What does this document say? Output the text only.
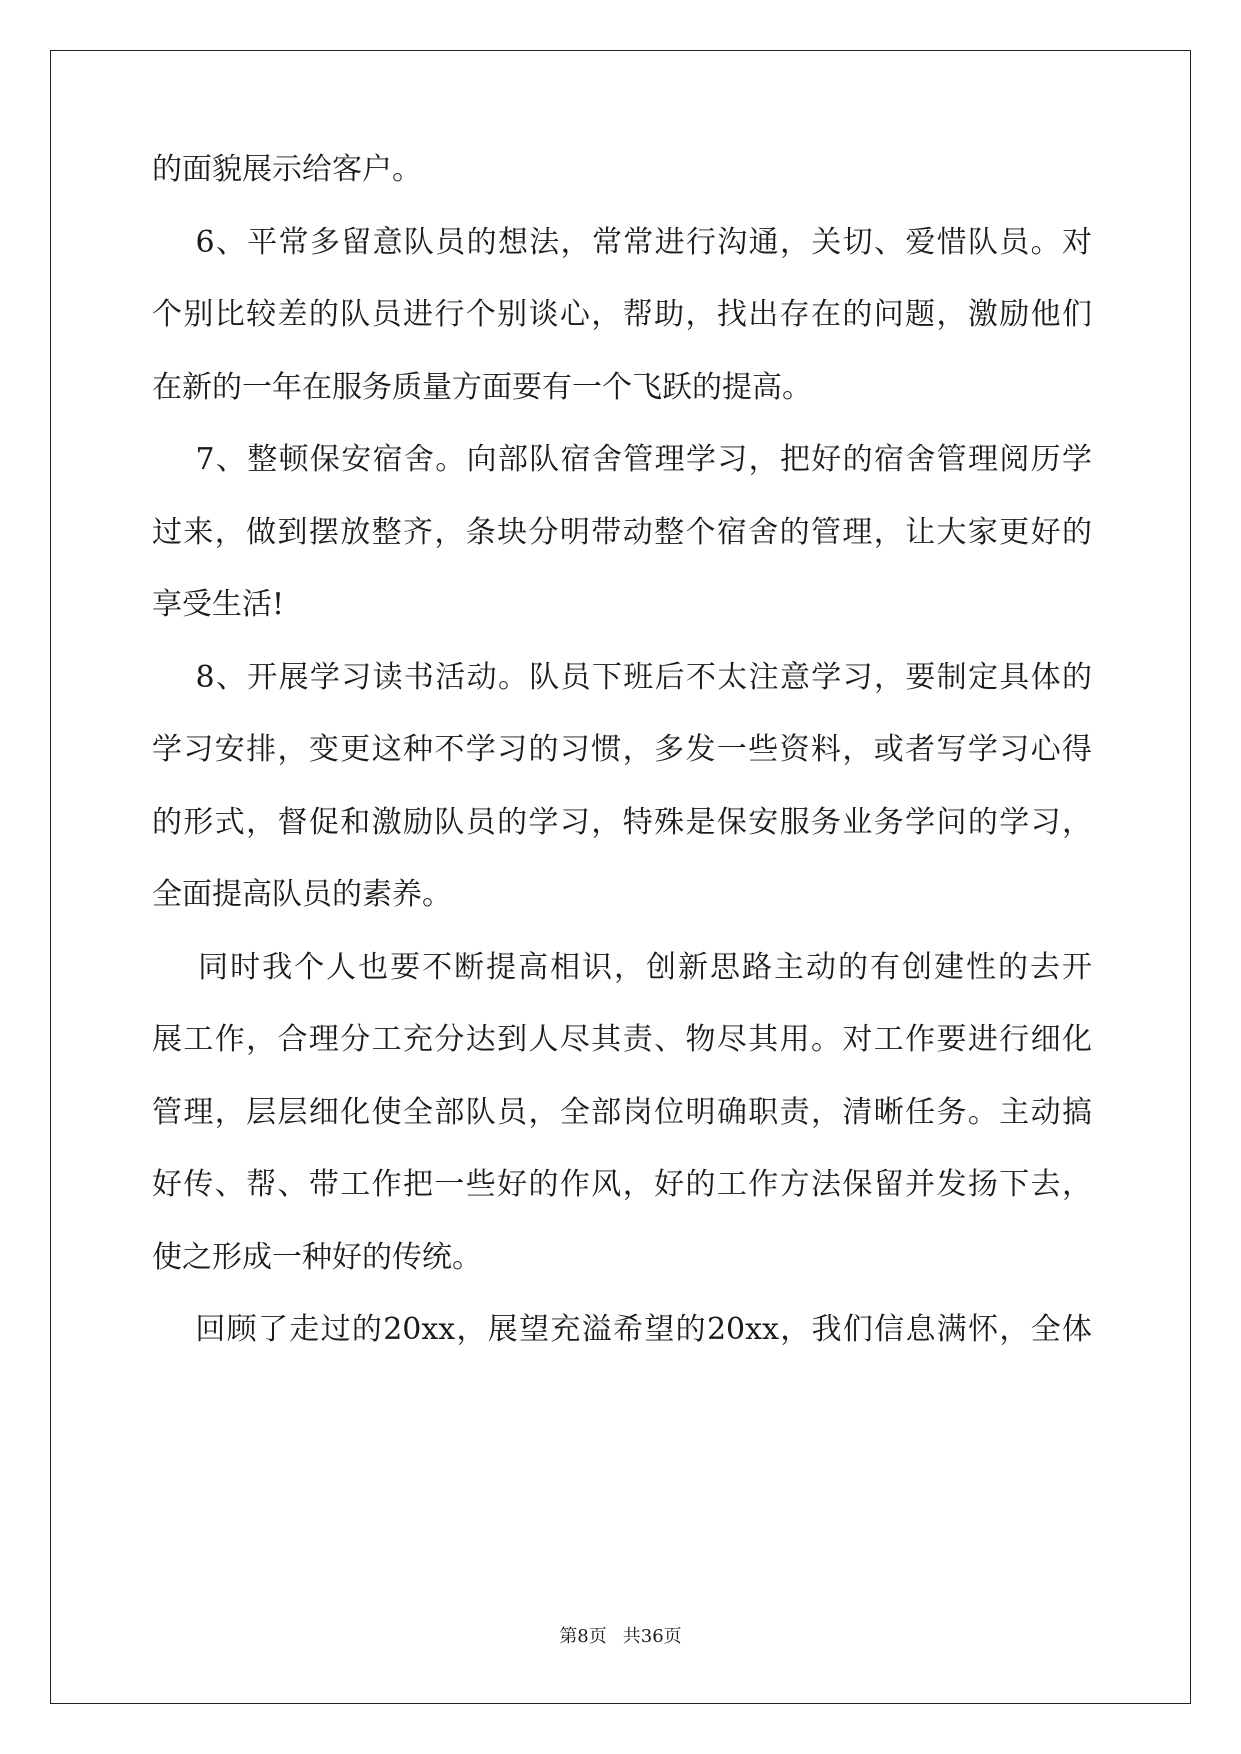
的面貌展示给客户。
6、平常多留意队员的想法，常常进行沟通，关切、爱惜队员。对
个别比较差的队员进行个别谈心，帮助，找出存在的问题，激励他们
在新的一年在服务质量方面要有一个飞跃的提高。
7、整顿保安宿舍。向部队宿舍管理学习，把好的宿舍管理阅历学
过来，做到摆放整齐，条块分明带动整个宿舍的管理，让大家更好的
享受生活!
8、开展学习读书活动。队员下班后不太注意学习，要制定具体的
学习安排，变更这种不学习的习惯，多发一些资料，或者写学习心得
的形式，督促和激励队员的学习，特殊是保安服务业务学问的学习，
全面提高队员的素养。
同时我个人也要不断提高相识，创新思路主动的有创建性的去开
展工作，合理分工充分达到人尽其责、物尽其用。对工作要进行细化
管理，层层细化使全部队员，全部岗位明确职责，清晰任务。主动搞
好传、帮、带工作把一些好的作风，好的工作方法保留并发扬下去，
使之形成一种好的传统。
回顾了走过的20xx，展望充溢希望的20xx，我们信息满怀，全体
第8页 共36页
